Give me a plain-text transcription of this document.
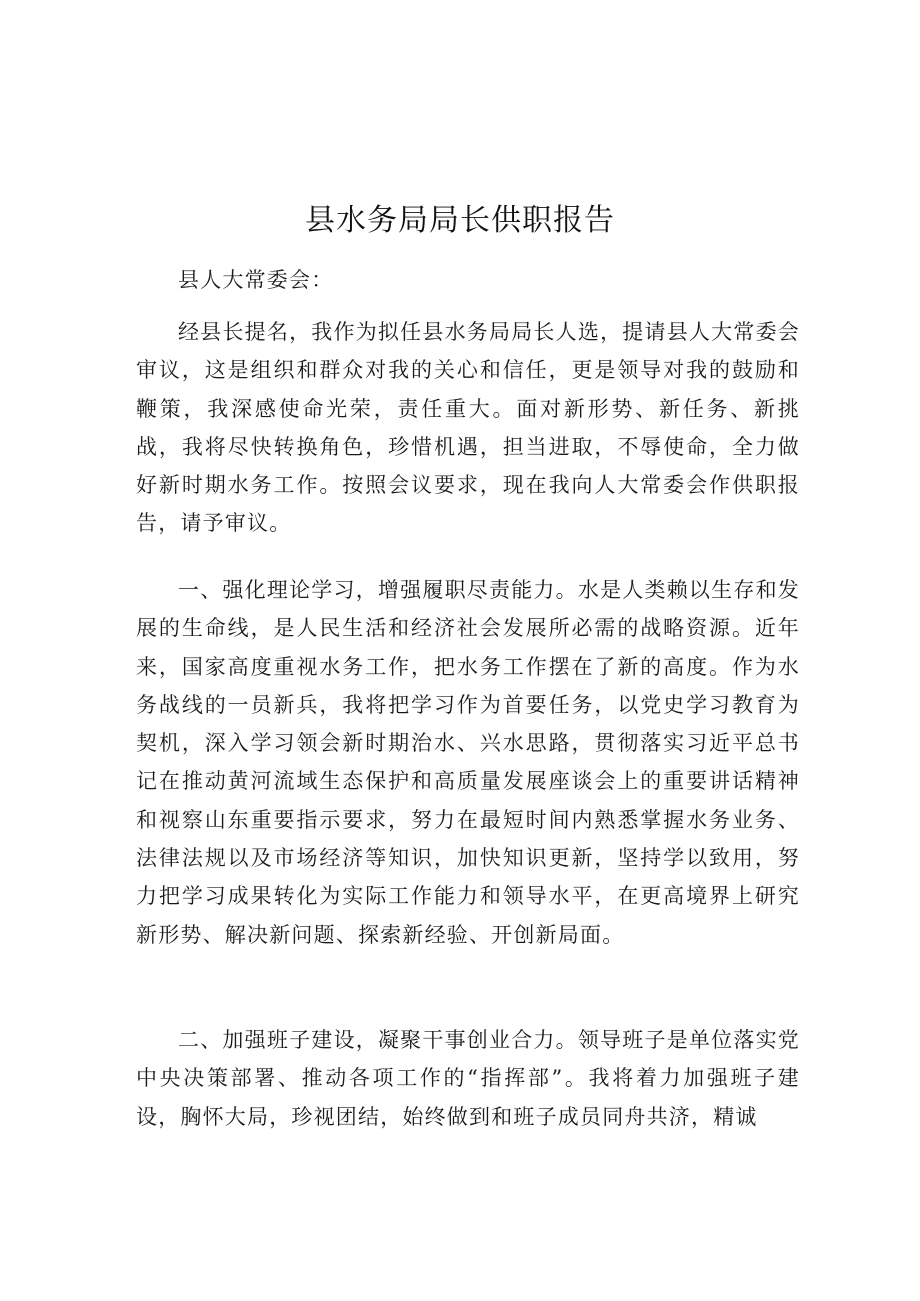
县水务局局长供职报告

县人大常委会：

经县长提名，我作为拟任县水务局局长人选，提请县人大常委会审议，这是组织和群众对我的关心和信任，更是领导对我的鼓励和鞭策，我深感使命光荣，责任重大。面对新形势、新任务、新挑战，我将尽快转换角色，珍惜机遇，担当进取，不辱使命，全力做好新时期水务工作。按照会议要求，现在我向人大常委会作供职报告，请予审议。

一、强化理论学习，增强履职尽责能力。水是人类赖以生存和发展的生命线，是人民生活和经济社会发展所必需的战略资源。近年来，国家高度重视水务工作，把水务工作摆在了新的高度。作为水务战线的一员新兵，我将把学习作为首要任务，以党史学习教育为契机，深入学习领会新时期治水、兴水思路，贯彻落实习近平总书记在推动黄河流域生态保护和高质量发展座谈会上的重要讲话精神和视察山东重要指示要求，努力在最短时间内熟悉掌握水务业务、法律法规以及市场经济等知识，加快知识更新，坚持学以致用，努力把学习成果转化为实际工作能力和领导水平，在更高境界上研究新形势、解决新问题、探索新经验、开创新局面。

二、加强班子建设，凝聚干事创业合力。领导班子是单位落实党中央决策部署、推动各项工作的“指挥部”。我将着力加强班子建设，胸怀大局，珍视团结，始终做到和班子成员同舟共济，精诚
